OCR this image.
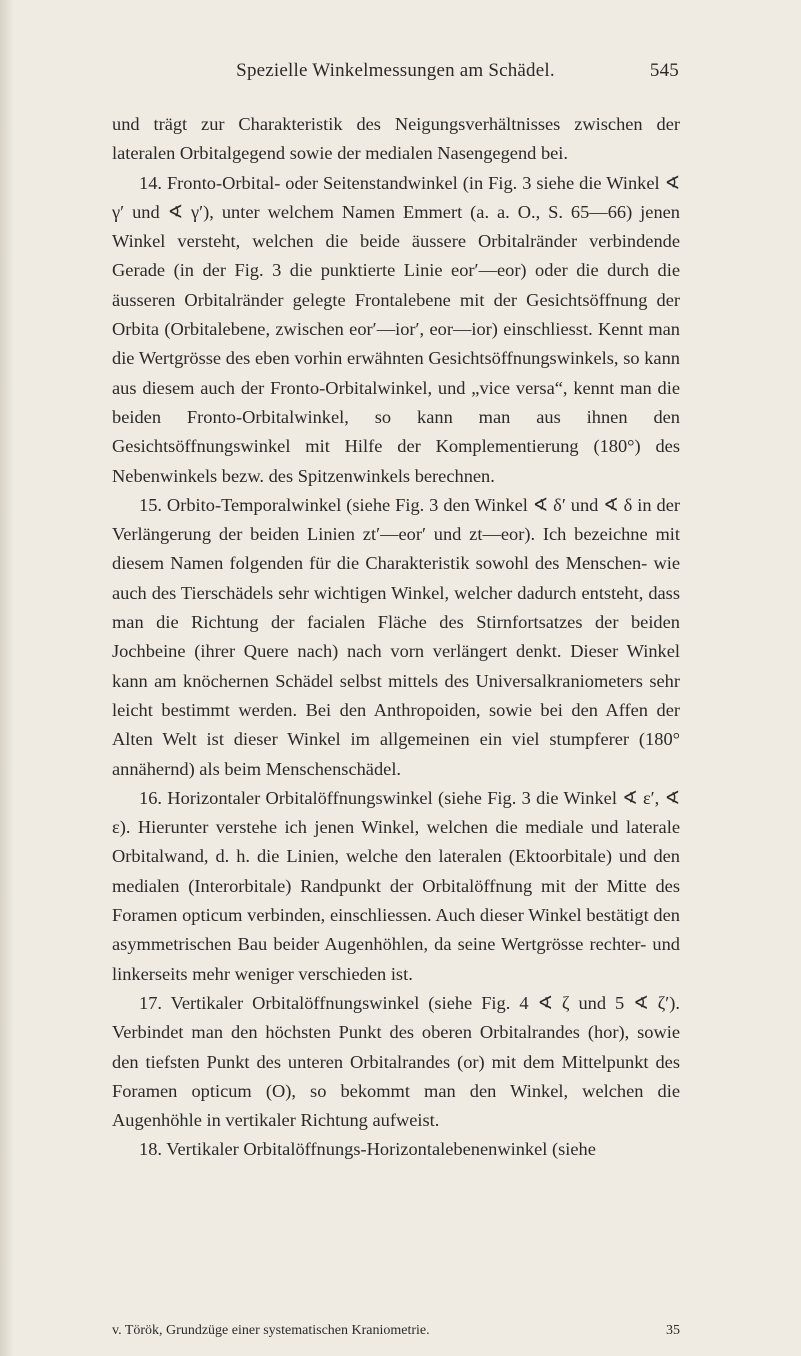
Spezielle Winkelmessungen am Schädel.	545

und trägt zur Charakteristik des Neigungsverhältnisses zwischen der lateralen Orbitalgegend sowie der medialen Nasengegend bei.

14. Fronto-Orbital- oder Seitenstandwinkel (in Fig. 3 siehe die Winkel ∢ γ′ und ∢ γ′), unter welchem Namen Emmert (a. a. O., S. 65—66) jenen Winkel versteht, welchen die beide äussere Orbitalränder verbindende Gerade (in der Fig. 3 die punktierte Linie eor′—eor) oder die durch die äusseren Orbitalränder gelegte Frontalebene mit der Gesichtsöffnung der Orbita (Orbitalebene, zwischen eor′—ior′, eor—ior) einschliesst. Kennt man die Wertgrösse des eben vorhin erwähnten Gesichtsöffnungswinkels, so kann aus diesem auch der Fronto-Orbitalwinkel, und „vice versa“, kennt man die beiden Fronto-Orbitalwinkel, so kann man aus ihnen den Gesichtsöffnungswinkel mit Hilfe der Komplementierung (180°) des Nebenwinkels bezw. des Spitzenwinkels berechnen.

15. Orbito-Temporalwinkel (siehe Fig. 3 den Winkel ∢ δ′ und ∢ δ in der Verlängerung der beiden Linien zt′—eor′ und zt—eor). Ich bezeichne mit diesem Namen folgenden für die Charakteristik sowohl des Menschen- wie auch des Tierschädels sehr wichtigen Winkel, welcher dadurch entsteht, dass man die Richtung der facialen Fläche des Stirnfortsatzes der beiden Jochbeine (ihrer Quere nach) nach vorn verlängert denkt. Dieser Winkel kann am knöchernen Schädel selbst mittels des Universalkraniometers sehr leicht bestimmt werden. Bei den Anthropoiden, sowie bei den Affen der Alten Welt ist dieser Winkel im allgemeinen ein viel stumpferer (180° annähernd) als beim Menschenschädel.

16. Horizontaler Orbitalöffnungswinkel (siehe Fig. 3 die Winkel ∢ ε′, ∢ ε). Hierunter verstehe ich jenen Winkel, welchen die mediale und laterale Orbitalwand, d. h. die Linien, welche den lateralen (Ektoorbitale) und den medialen (Interorbitale) Randpunkt der Orbitalöffnung mit der Mitte des Foramen opticum verbinden, einschliessen. Auch dieser Winkel bestätigt den asymmetrischen Bau beider Augenhöhlen, da seine Wertgrösse rechter- und linkerseits mehr weniger verschieden ist.

17. Vertikaler Orbitalöffnungswinkel (siehe Fig. 4 ∢ ζ und 5 ∢ ζ′). Verbindet man den höchsten Punkt des oberen Orbitalrandes (hor), sowie den tiefsten Punkt des unteren Orbitalrandes (or) mit dem Mittelpunkt des Foramen opticum (O), so bekommt man den Winkel, welchen die Augenhöhle in vertikaler Richtung aufweist.

18. Vertikaler Orbitalöffnungs-Horizontalebenenwinkel (siehe

v. Török, Grundzüge einer systematischen Kraniometrie.	35
